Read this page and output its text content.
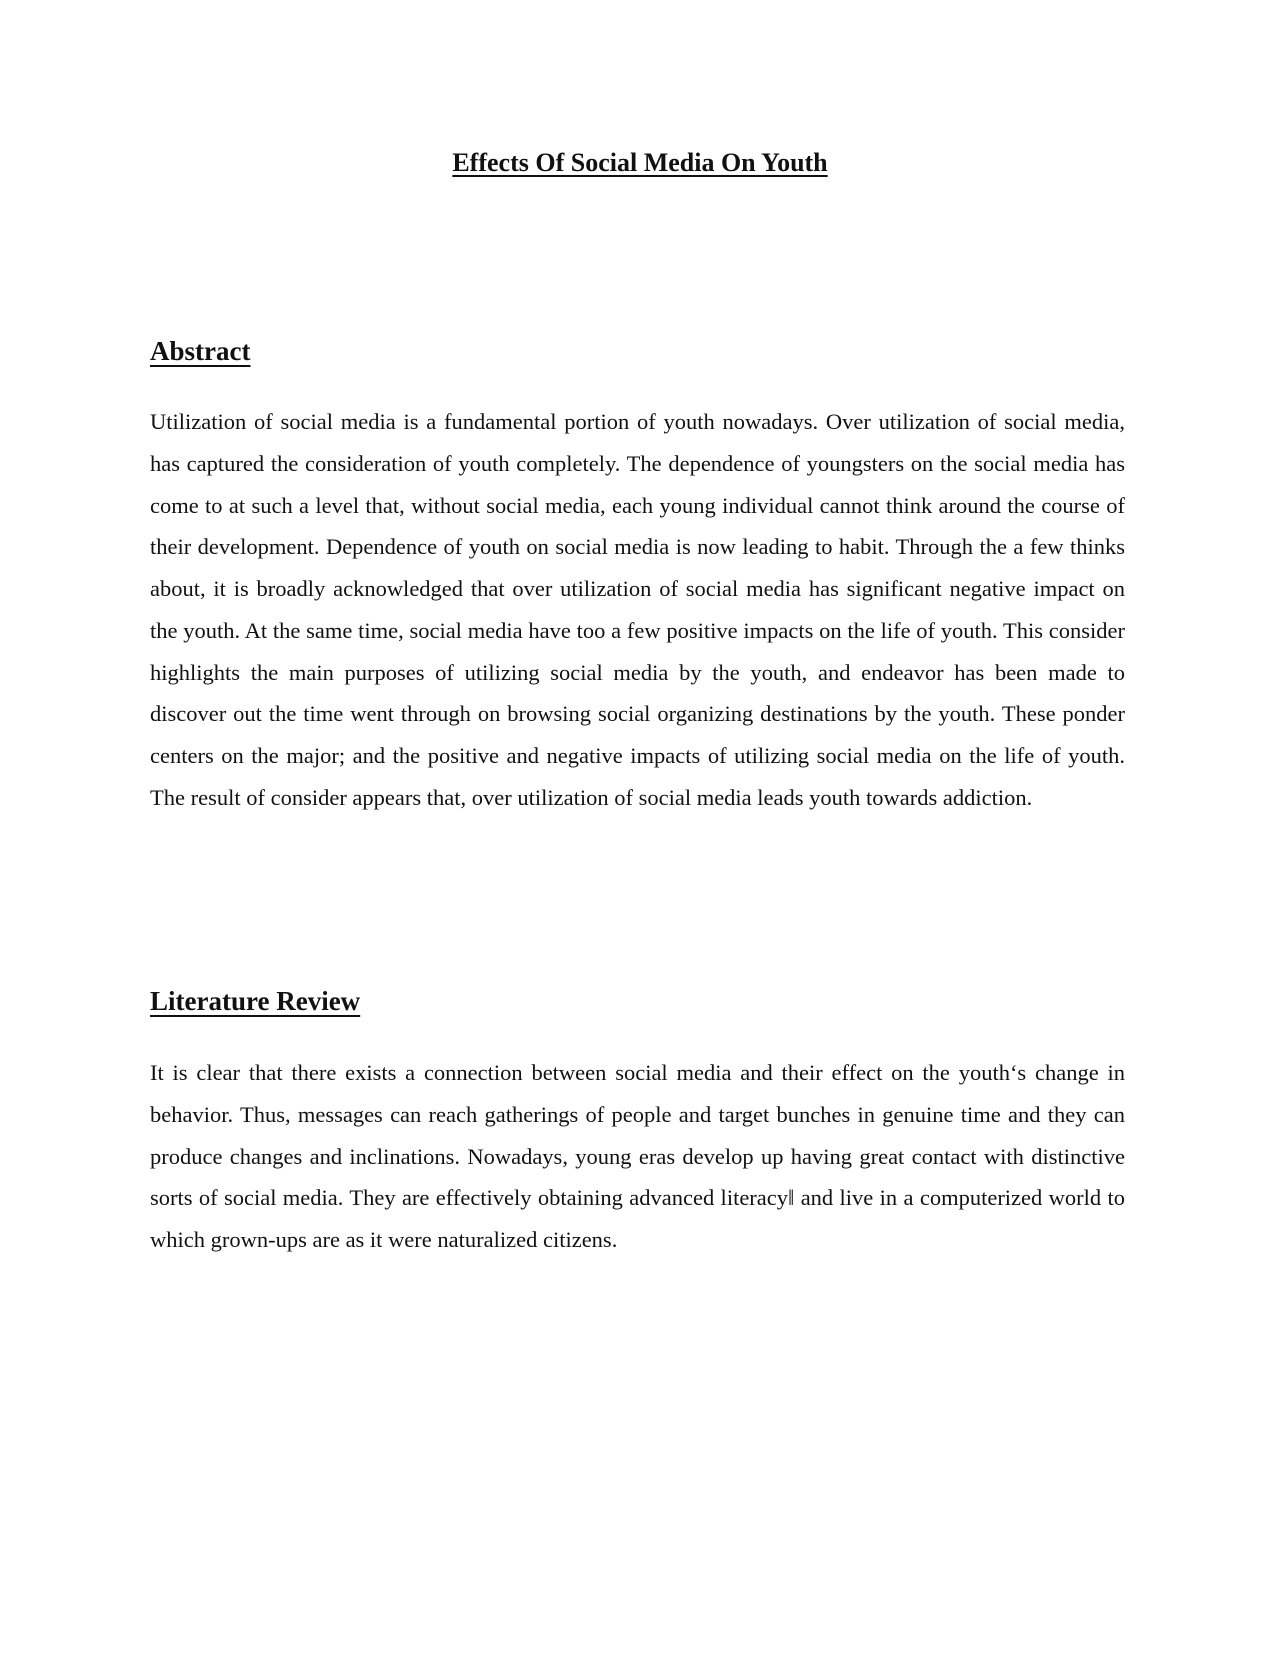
Effects Of Social Media On Youth
Abstract

Utilization of social media is a fundamental portion of youth nowadays. Over utilization of social media, has captured the consideration of youth completely. The dependence of youngsters on the social media has come to at such a level that, without social media, each young individual cannot think around the course of their development. Dependence of youth on social media is now leading to habit. Through the a few thinks about, it is broadly acknowledged that over utilization of social media has significant negative impact on the youth. At the same time, social media have too a few positive impacts on the life of youth. This consider highlights the main purposes of utilizing social media by the youth, and endeavor has been made to discover out the time went through on browsing social organizing destinations by the youth. These ponder centers on the major; and the positive and negative impacts of utilizing social media on the life of youth. The result of consider appears that, over utilization of social media leads youth towards addiction.

Literature Review

It is clear that there exists a connection between social media and their effect on the youth‘s change in behavior. Thus, messages can reach gatherings of people and target bunches in genuine time and they can produce changes and inclinations. Nowadays, young eras develop up having great contact with distinctive sorts of social media. They are effectively obtaining advanced literacy‖ and live in a computerized world to which grown-ups are as it were naturalized citizens.
